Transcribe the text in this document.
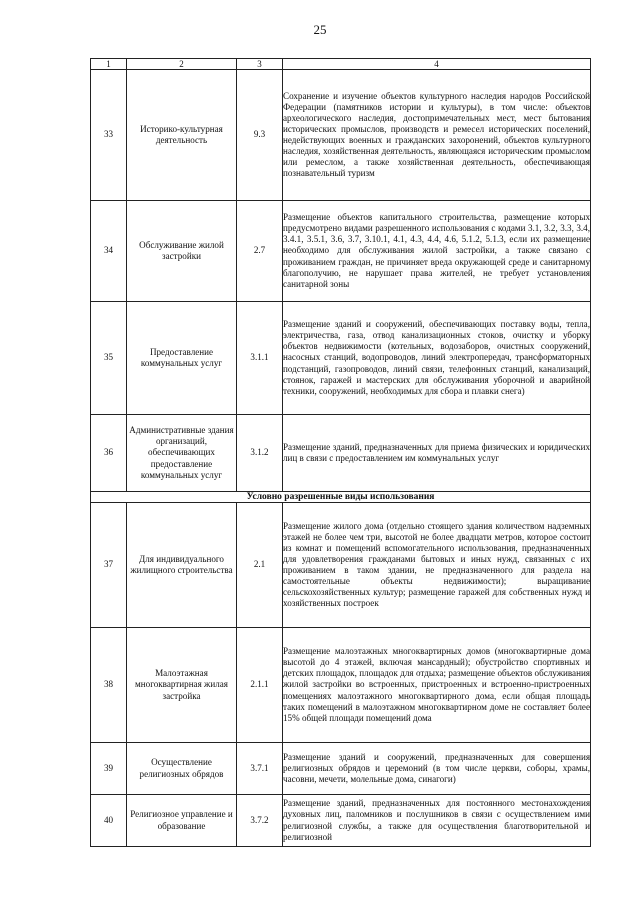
25
1	2	3	4
33	Историко-культурная деятельность	9.3	Сохранение и изучение объектов культурного наследия народов Российской Федерации (памятников истории и культуры), в том числе: объектов археологического наследия, достопримечательных мест, мест бытования исторических промыслов, производств и ремесел исторических поселений, недействующих военных и гражданских захоронений, объектов культурного наследия, хозяйственная деятельность, являющаяся историческим промыслом или ремеслом, а также хозяйственная деятельность, обеспечивающая познавательный туризм
34	Обслуживание жилой застройки	2.7	Размещение объектов капитального строительства, размещение которых предусмотрено видами разрешенного использования с кодами 3.1, 3.2, 3.3, 3.4, 3.4.1, 3.5.1, 3.6, 3.7, 3.10.1, 4.1, 4.3, 4.4, 4.6, 5.1.2, 5.1.3, если их размещение необходимо для обслуживания жилой застройки, а также связано с проживанием граждан, не причиняет вреда окружающей среде и санитарному благополучию, не нарушает права жителей, не требует установления санитарной зоны
35	Предоставление коммунальных услуг	3.1.1	Размещение зданий и сооружений, обеспечивающих поставку воды, тепла, электричества, газа, отвод канализационных стоков, очистку и уборку объектов недвижимости (котельных, водозаборов, очистных сооружений, насосных станций, водопроводов, линий электропередач, трансформаторных подстанций, газопроводов, линий связи, телефонных станций, канализаций, стоянок, гаражей и мастерских для обслуживания уборочной и аварийной техники, сооружений, необходимых для сбора и плавки снега)
36	Административные здания организаций, обеспечивающих предоставление коммунальных услуг	3.1.2	Размещение зданий, предназначенных для приема физических и юридических лиц в связи с предоставлением им коммунальных услуг
Условно разрешенные виды использования			
37	Для индивидуального жилищного строительства	2.1	Размещение жилого дома (отдельно стоящего здания количеством надземных этажей не более чем три, высотой не более двадцати метров, которое состоит из комнат и помещений вспомогательного использования, предназначенных для удовлетворения гражданами бытовых и иных нужд, связанных с их проживанием в таком здании, не предназначенного для раздела на самостоятельные объекты недвижимости); выращивание сельскохозяйственных культур; размещение гаражей для собственных нужд и хозяйственных построек
38	Малоэтажная многоквартирная жилая застройка	2.1.1	Размещение малоэтажных многоквартирных домов (многоквартирные дома высотой до 4 этажей, включая мансардный); обустройство спортивных и детских площадок, площадок для отдыха; размещение объектов обслуживания жилой застройки во встроенных, пристроенных и встроенно-пристроенных помещениях малоэтажного многоквартирного дома, если общая площадь таких помещений в малоэтажном многоквартирном доме не составляет более 15% общей площади помещений дома
39	Осуществление религиозных обрядов	3.7.1	Размещение зданий и сооружений, предназначенных для совершения религиозных обрядов и церемоний (в том числе церкви, соборы, храмы, часовни, мечети, молельные дома, синагоги)
40	Религиозное управление и образование	3.7.2	Размещение зданий, предназначенных для постоянного местонахождения духовных лиц, паломников и послушников в связи с осуществлением ими религиозной службы, а также для осуществления благотворительной и религиозной
